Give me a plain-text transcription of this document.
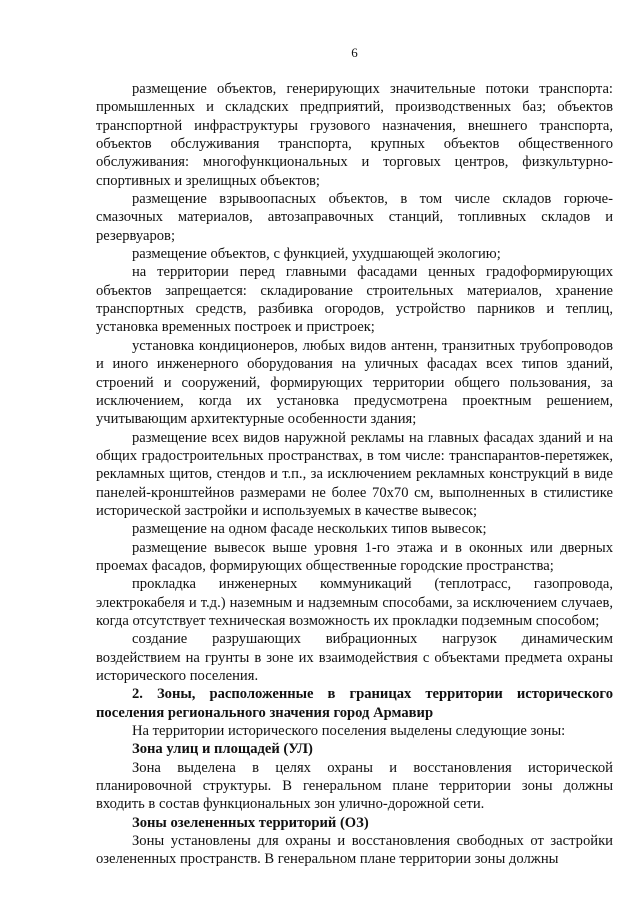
6

размещение объектов, генерирующих значительные потоки транспорта: промышленных и складских предприятий, производственных баз; объектов транспортной инфраструктуры грузового назначения, внешнего транспорта, объектов обслуживания транспорта, крупных объектов общественного обслуживания: многофункциональных и торговых центров, физкультурно-спортивных и зрелищных объектов;

размещение взрывоопасных объектов, в том числе складов горюче-смазочных материалов, автозаправочных станций, топливных складов и резервуаров;

размещение объектов, с функцией, ухудшающей экологию;

на территории перед главными фасадами ценных градоформирующих объектов запрещается: складирование строительных материалов, хранение транспортных средств, разбивка огородов, устройство парников и теплиц, установка временных построек и пристроек;

установка кондиционеров, любых видов антенн, транзитных трубопроводов и иного инженерного оборудования на уличных фасадах всех типов зданий, строений и сооружений, формирующих территории общего пользования, за исключением, когда их установка предусмотрена проектным решением, учитывающим архитектурные особенности здания;

размещение всех видов наружной рекламы на главных фасадах зданий и на общих градостроительных пространствах, в том числе: транспарантов-перетяжек, рекламных щитов, стендов и т.п., за исключением рекламных конструкций в виде панелей-кронштейнов размерами не более 70х70 см, выполненных в стилистике исторической застройки и используемых в качестве вывесок;

размещение на одном фасаде нескольких типов вывесок;

размещение вывесок выше уровня 1-го этажа и в оконных или дверных проемах фасадов, формирующих общественные городские пространства;

прокладка инженерных коммуникаций (теплотрасс, газопровода, электрокабеля и т.д.) наземным и надземным способами, за исключением случаев, когда отсутствует техническая возможность их прокладки подземным способом;

создание разрушающих вибрационных нагрузок динамическим воздействием на грунты в зоне их взаимодействия с объектами предмета охраны исторического поселения.

2. Зоны, расположенные в границах территории исторического поселения регионального значения город Армавир

На территории исторического поселения выделены следующие зоны:

Зона улиц и площадей (УЛ)

Зона выделена в целях охраны и восстановления исторической планировочной структуры. В генеральном плане территории зоны должны входить в состав функциональных зон улично-дорожной сети.

Зоны озелененных территорий (ОЗ)

Зоны установлены для охраны и восстановления свободных от застройки озелененных пространств. В генеральном плане территории зоны должны
